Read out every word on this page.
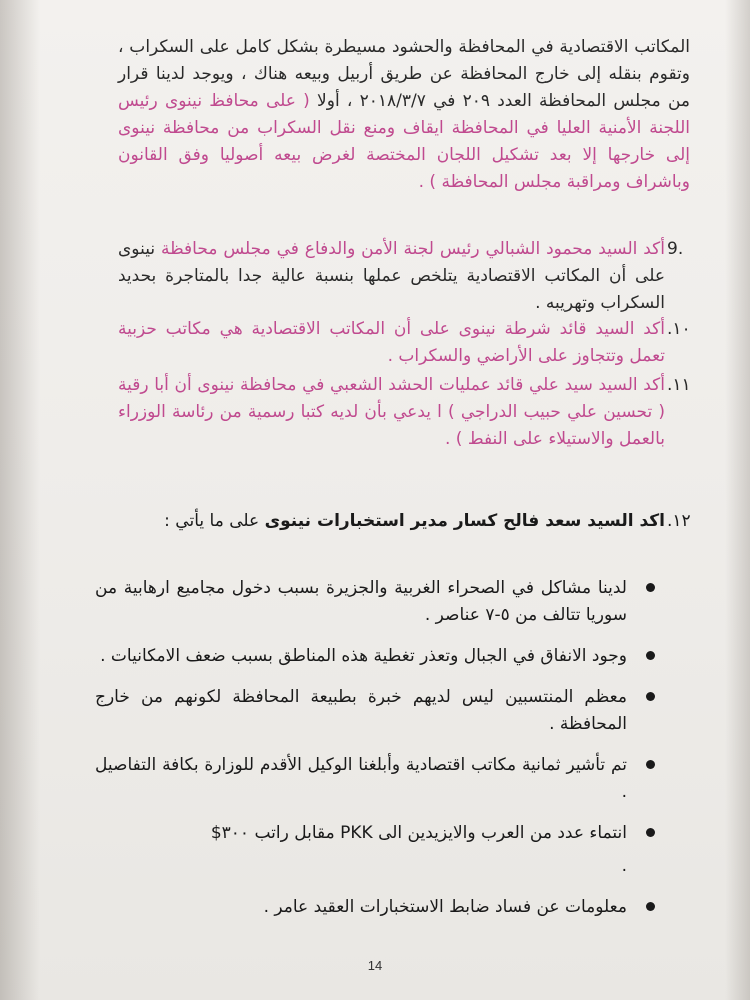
المكاتب الاقتصادية في المحافظة والحشود مسيطرة بشكل كامل على السكراب ، وتقوم بنقله إلى خارج المحافظة عن طريق أربيل وبيعه هناك ، ويوجد لدينا قرار من مجلس المحافظة العدد ٢٠٩ في ٢٠١٨/٣/٧ ، أولا ( على محافظ نينوى رئيس اللجنة الأمنية العليا في المحافظة ايقاف ومنع نقل السكراب من محافظة نينوى إلى خارجها إلا بعد تشكيل اللجان المختصة لغرض بيعه أصوليا وفق القانون وباشراف ومراقبة مجلس المحافظة ) .
9.
أكد السيد محمود الشبالي رئيس لجنة الأمن والدفاع في مجلس محافظة نينوى على أن المكاتب الاقتصادية يتلخص عملها بنسبة عالية جدا بالمتاجرة بحديد السكراب وتهريبه .
.١٠
أكد السيد قائد شرطة نينوى على أن المكاتب الاقتصادية هي مكاتب حزبية تعمل وتتجاوز على الأراضي والسكراب .
.١١
أكد السيد سيد علي قائد عمليات الحشد الشعبي في محافظة نينوى أن أبا رقية ( تحسين علي حبيب الدراجي ) ا يدعي بأن لديه كتبا رسمية من رئاسة الوزراء بالعمل والاستيلاء على النفط ) .
.١٢
اكد السيد سعد فالح كسار مدير استخبارات نينوى على ما يأتي :
لدينا مشاكل في الصحراء الغربية والجزيرة بسبب دخول مجاميع ارهابية من سوريا تتالف من ٥-٧ عناصر .
وجود الانفاق في الجبال وتعذر تغطية هذه المناطق بسبب ضعف الامكانيات .
معظم المنتسبين ليس لديهم خبرة بطبيعة المحافظة لكونهم من خارج المحافظة .
تم تأشير ثمانية مكاتب اقتصادية وأبلغنا الوكيل الأقدم للوزارة بكافة التفاصيل .
انتماء عدد من العرب والايزيدين الى PKK مقابل راتب ٣٠٠$
.
معلومات عن فساد ضابط الاستخبارات العقيد عامر .
14
